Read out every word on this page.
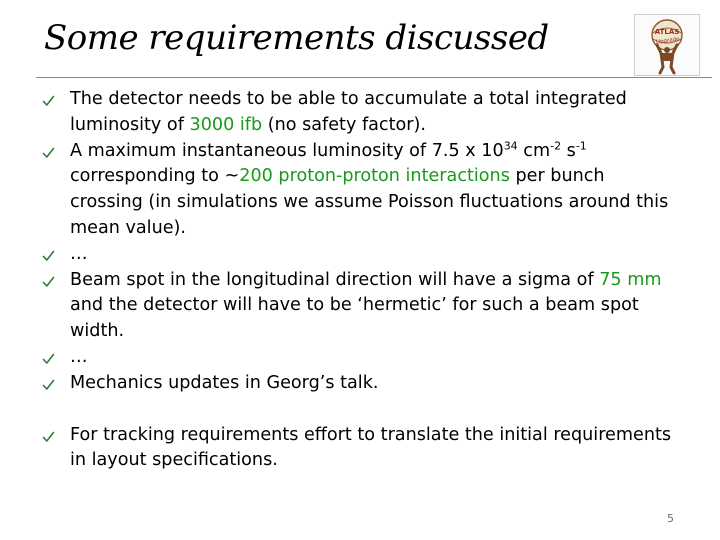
Some requirements discussed	ATLAS
Upgrade
The detector needs to be able to accumulate a total integrated luminosity of 3000 ifb (no safety factor).
A maximum instantaneous luminosity of 7.5 x $10^{34}$ $cm^{-2}$ $s^{-1}$ corresponding to ~200 proton-proton interactions per bunch crossing (in simulations we assume Poisson fluctuations around this mean value).
…
Beam spot in the longitudinal direction will have a sigma of 75 mm and the detector will have to be ‘hermetic’ for such a beam spot width.
…
Mechanics updates in Georg’s talk.
For tracking requirements effort to translate the initial requirements in layout specifications.
5
